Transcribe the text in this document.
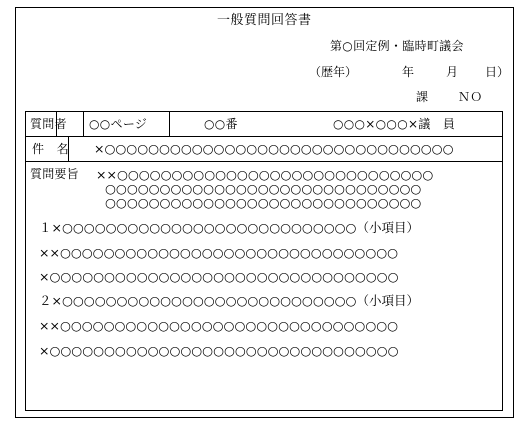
一般質問回答書
第○回定例・臨時町議会
（歴年）	年	月 日）
課 ＮＯ
質問者 ○○ページ	○○番	○○○×○○○×議　員
件　名 ×○○○○○○○○○○○○○○○○○○○○○○○○○○○○○○○○
質問要旨 ××○○○○○○○○○○○○○○○○○○○○○○○○○○○○○
○○○○○○○○○○○○○○○○○○○○○○○○○○○○○
○○○○○○○○○○○○○○○○○○○○○○○○○○○○○
１×○○○○○○○○○○○○○○○○○○○○○○○○○○○（小項目）
××○○○○○○○○○○○○○○○○○○○○○○○○○○○○○○○
×○○○○○○○○○○○○○○○○○○○○○○○○○○○○○○○○
２×○○○○○○○○○○○○○○○○○○○○○○○○○○○（小項目）
××○○○○○○○○○○○○○○○○○○○○○○○○○○○○○○○
×○○○○○○○○○○○○○○○○○○○○○○○○○○○○○○○○
